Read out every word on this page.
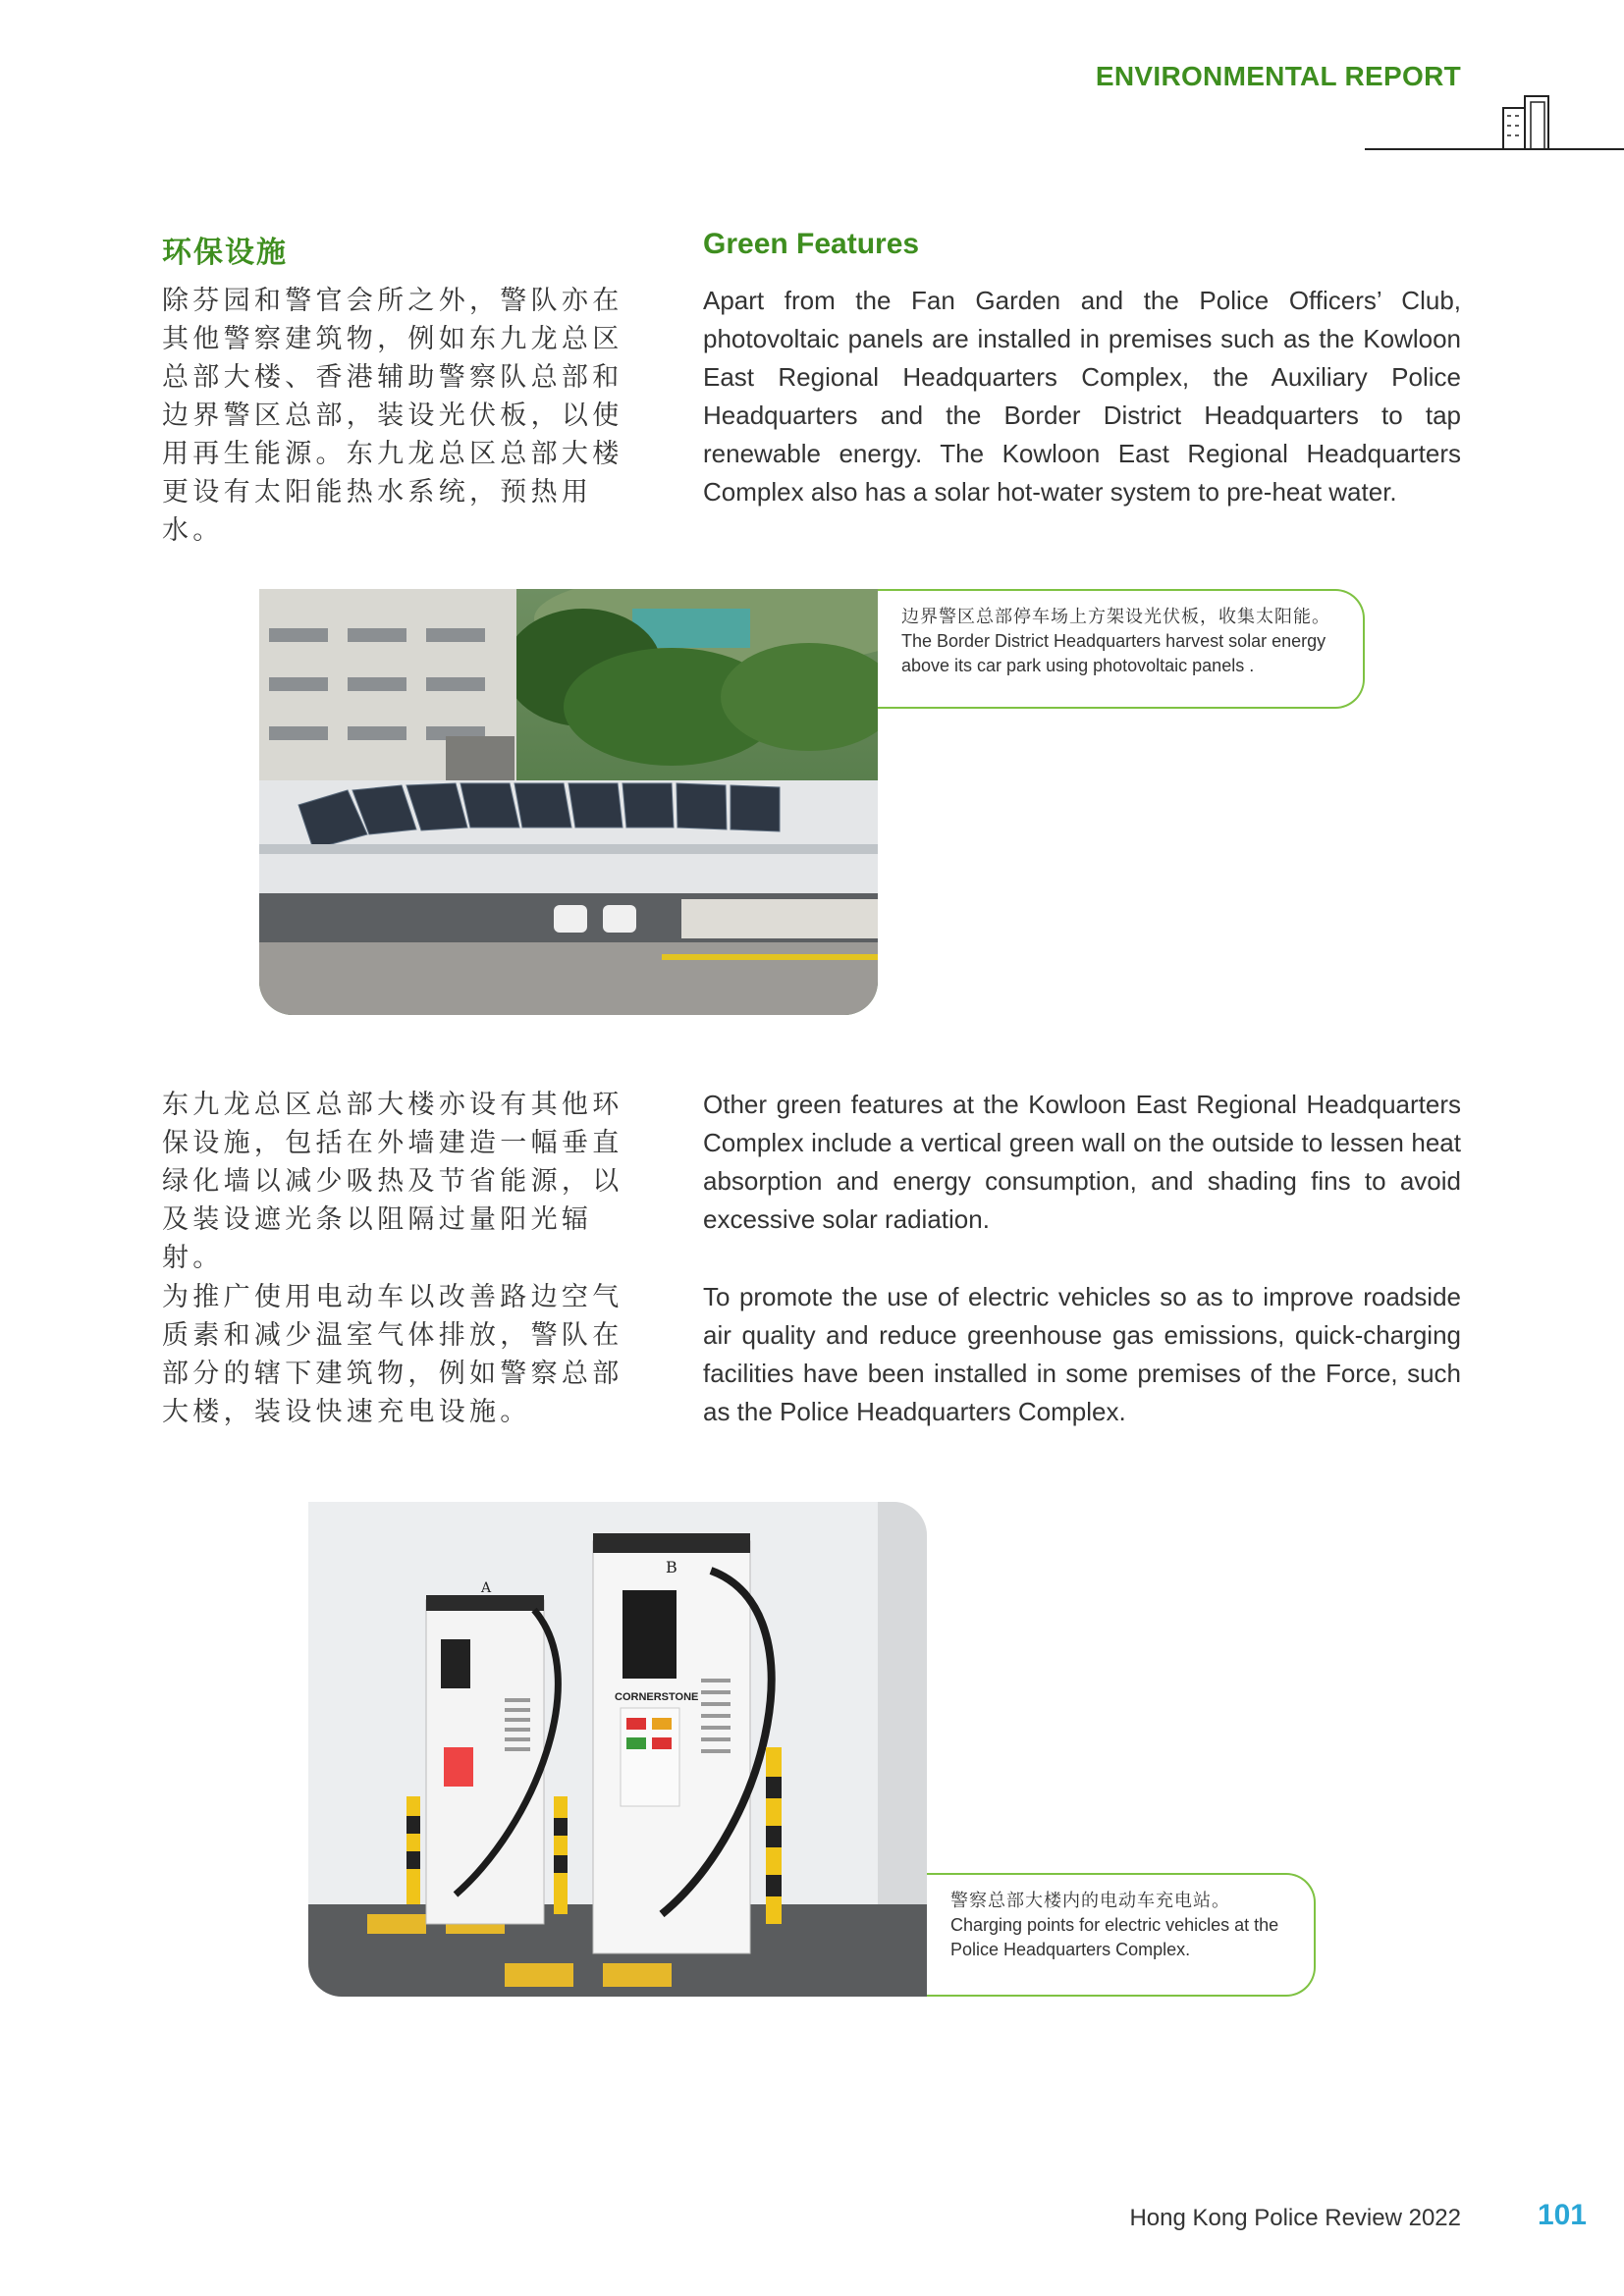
ENVIRONMENTAL REPORT
环保设施	Green Features
除芬园和警官会所之外，警队亦在其他警察建筑物，例如东九龙总区总部大楼、香港辅助警察队总部和边界警区总部，装设光伏板，以使用再生能源。东九龙总区总部大楼更设有太阳能热水系统，预热用水。
Apart from the Fan Garden and the Police Officers’ Club, photovoltaic panels are installed in premises such as the Kowloon East Regional Headquarters Complex, the Auxiliary Police Headquarters and the Border District Headquarters to tap renewable energy. The Kowloon East Regional Headquarters Complex also has a solar hot-water system to pre-heat water.
边界警区总部停车场上方架设光伏板，收集太阳能。
The Border District Headquarters harvest solar energy above its car park using photovoltaic panels .
东九龙总区总部大楼亦设有其他环保设施，包括在外墙建造一幅垂直绿化墙以减少吸热及节省能源，以及装设遮光条以阻隔过量阳光辐射。
Other green features at the Kowloon East Regional Headquarters Complex include a vertical green wall on the outside to lessen heat absorption and energy consumption, and shading fins to avoid excessive solar radiation.
为推广使用电动车以改善路边空气质素和减少温室气体排放，警队在部分的辖下建筑物，例如警察总部大楼，装设快速充电设施。
To promote the use of electric vehicles so as to improve roadside air quality and reduce greenhouse gas emissions, quick-charging facilities have been installed in some premises of the Force, such as the Police Headquarters Complex.
A
B
CORNERSTONE
警察总部大楼内的电动车充电站。
Charging points for electric vehicles at the Police Headquarters Complex.
Hong Kong Police Review 2022	101
